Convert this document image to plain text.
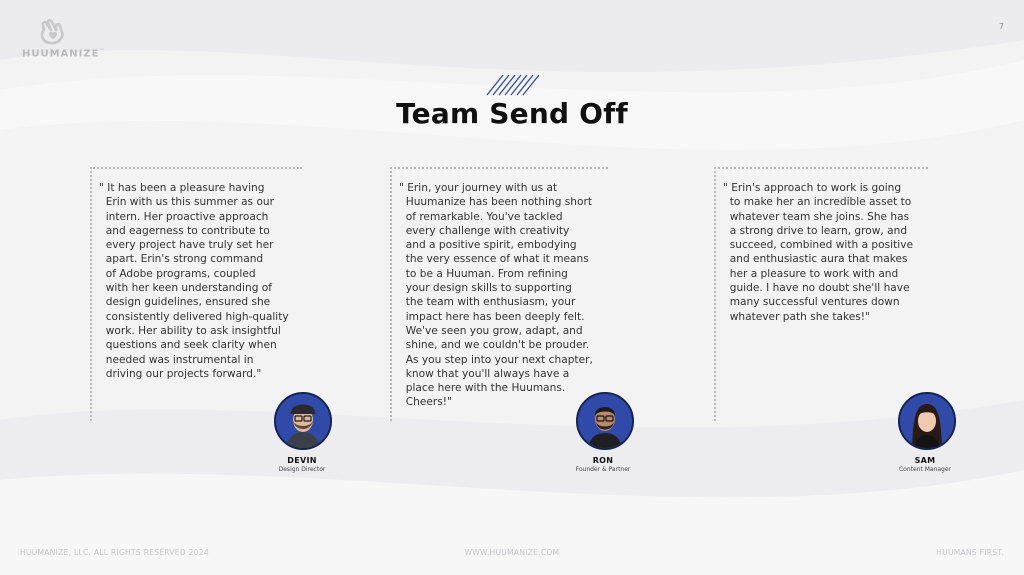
HUUMANIZE™
7
Team Send Off
" It has been a pleasure having
Erin with us this summer as our
intern. Her proactive approach
and eagerness to contribute to
every project have truly set her
apart. Erin's strong command
of Adobe programs, coupled
with her keen understanding of
design guidelines, ensured she
consistently delivered high-quality
work. Her ability to ask insightful
questions and seek clarity when
needed was instrumental in
driving our projects forward."
DEVIN
Design Director
" Erin, your journey with us at
Huumanize has been nothing short
of remarkable. You've tackled
every challenge with creativity
and a positive spirit, embodying
the very essence of what it means
to be a Huuman. From refining
your design skills to supporting
the team with enthusiasm, your
impact here has been deeply felt.
We've seen you grow, adapt, and
shine, and we couldn't be prouder.
As you step into your next chapter,
know that you'll always have a
place here with the Huumans.
Cheers!"
RON
Founder & Partner
" Erin's approach to work is going
to make her an incredible asset to
whatever team she joins. She has
a strong drive to learn, grow, and
succeed, combined with a positive
and enthusiastic aura that makes
her a pleasure to work with and
guide. I have no doubt she'll have
many successful ventures down
whatever path she takes!"
SAM
Content Manager
HUUMANIZE, LLC. ALL RIGHTS RESERVED 2024	WWW.HUUMANIZE.COM	HUUMANS FIRST.
